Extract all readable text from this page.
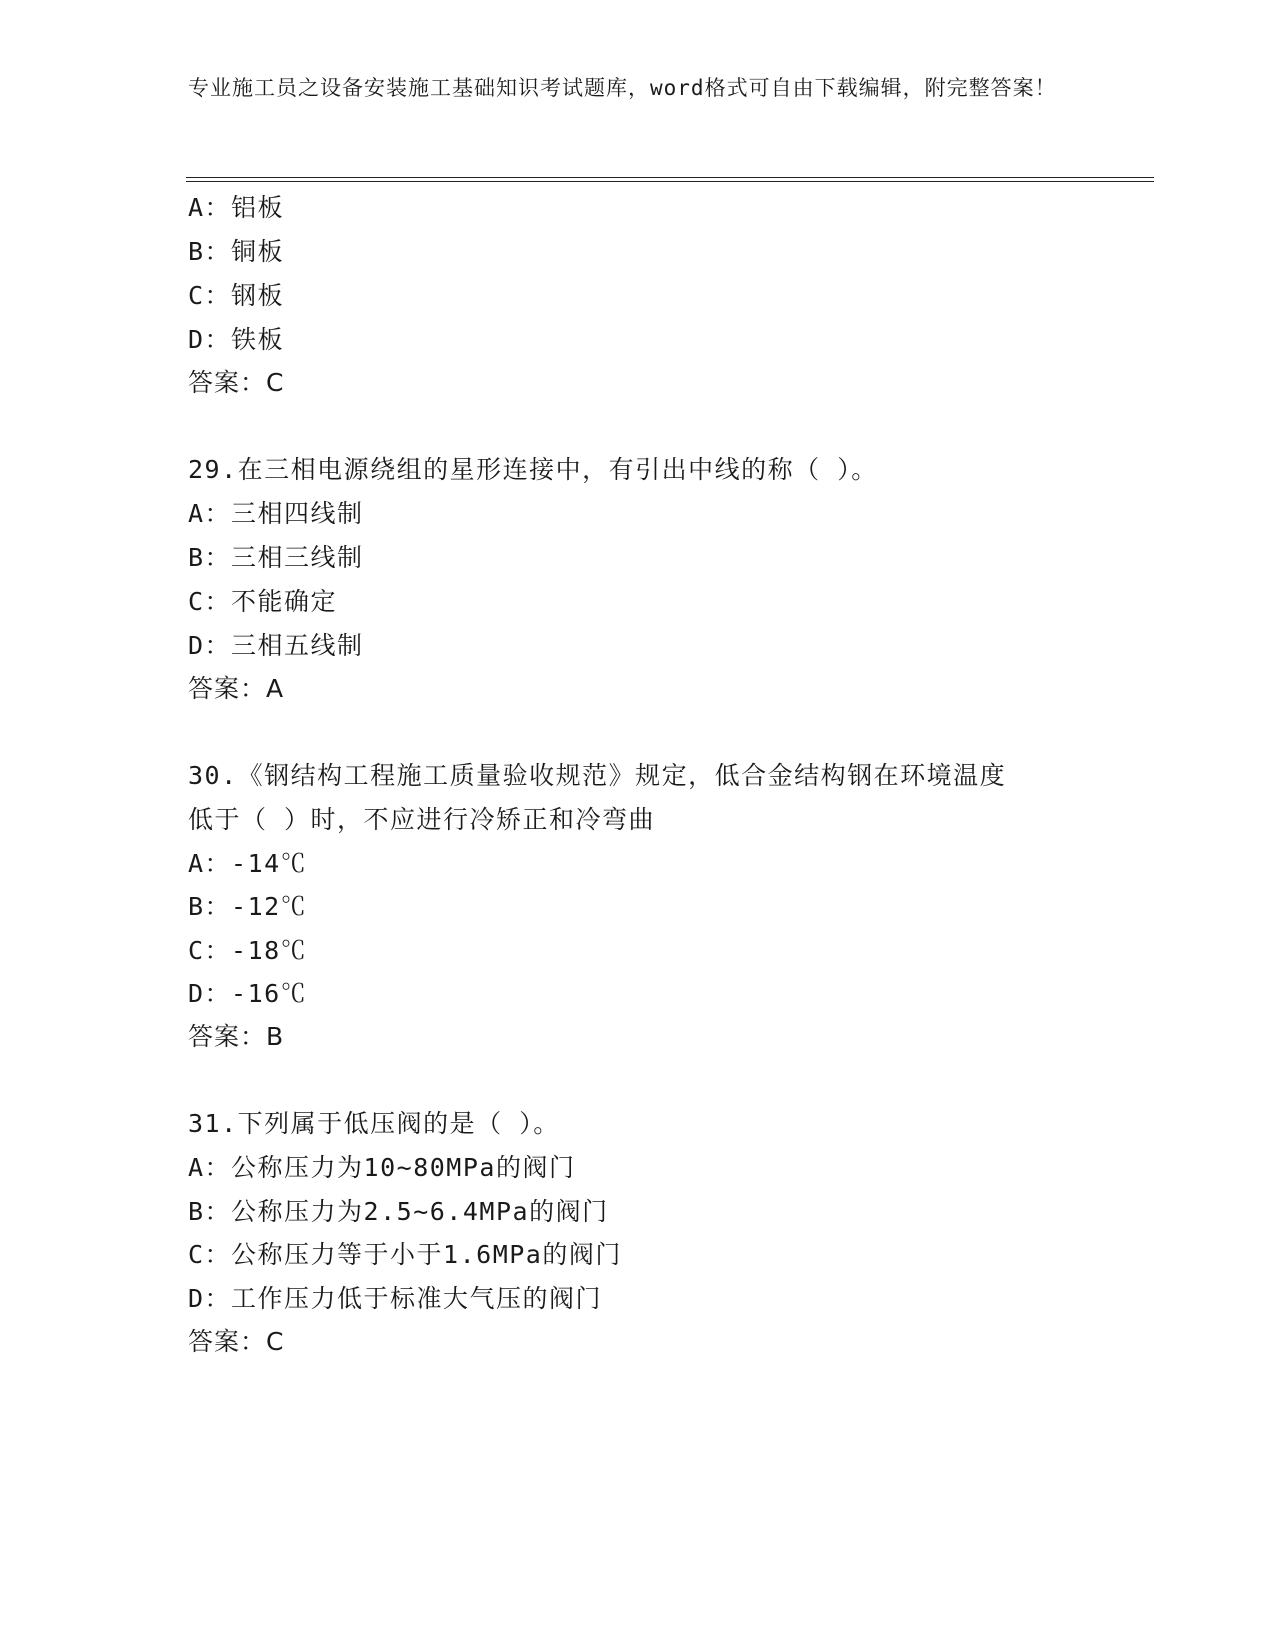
专业施工员之设备安装施工基础知识考试题库，word格式可自由下载编辑，附完整答案！
A：铝板
B：铜板
C：钢板
D：铁板
答案：C
29.在三相电源绕组的星形连接中，有引出中线的称（ ）。
A：三相四线制
B：三相三线制
C：不能确定
D：三相五线制
答案：A
30.《钢结构工程施工质量验收规范》规定，低合金结构钢在环境温度
低于（ ）时，不应进行冷矫正和冷弯曲
A：-14℃
B：-12℃
C：-18℃
D：-16℃
答案：B
31.下列属于低压阀的是（ ）。
A：公称压力为10~80MPa的阀门
B：公称压力为2.5~6.4MPa的阀门
C：公称压力等于小于1.6MPa的阀门
D：工作压力低于标准大气压的阀门
答案：C
